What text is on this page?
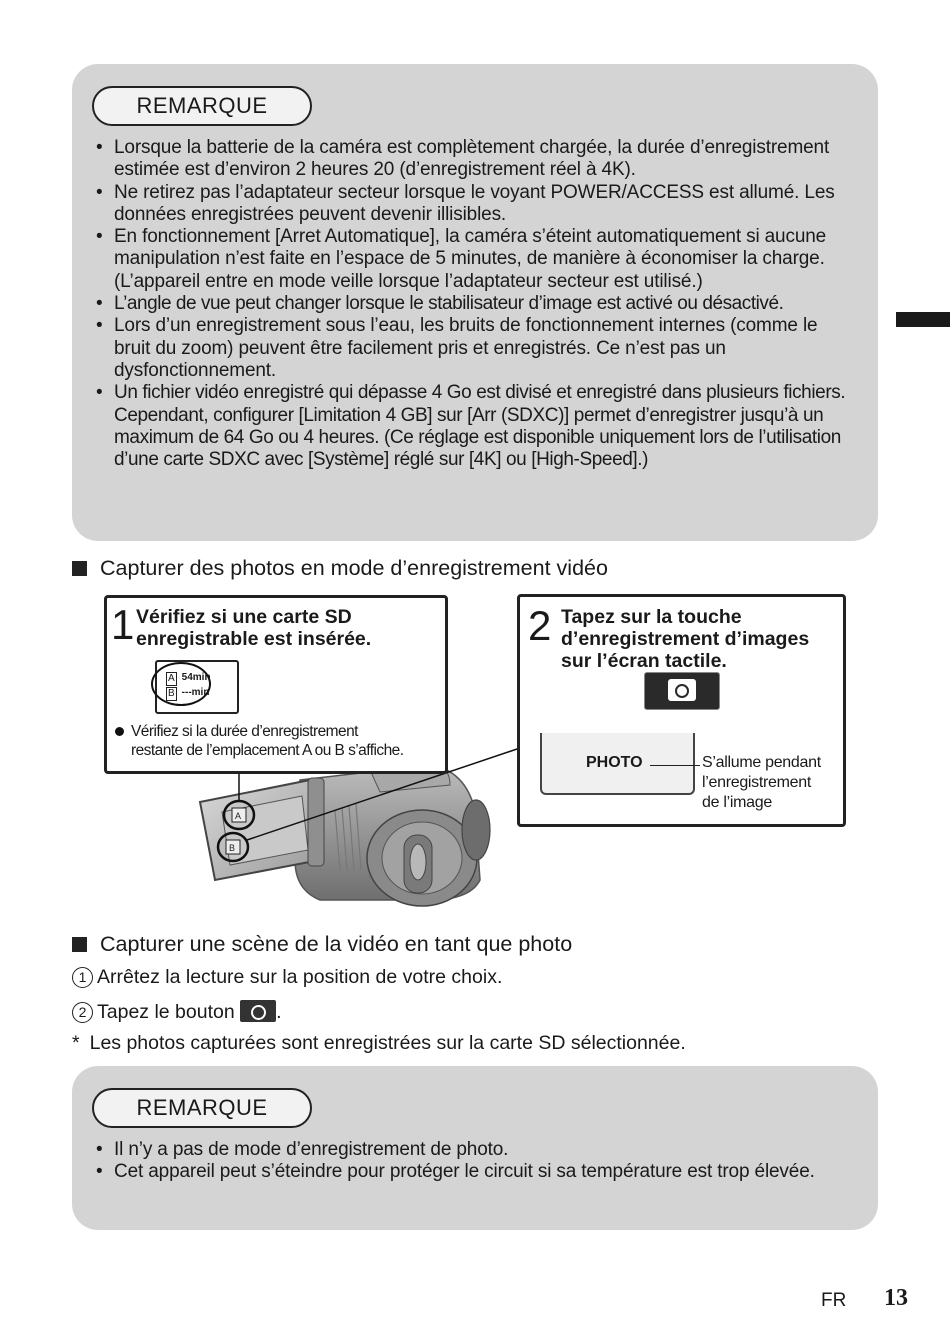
REMARQUE
• Lorsque la batterie de la caméra est complètement chargée, la durée d’enregistrement estimée est d’environ 2 heures 20 (d’enregistrement réel à 4K).
• Ne retirez pas l’adaptateur secteur lorsque le voyant POWER/ACCESS est allumé. Les données enregistrées peuvent devenir illisibles.
• En fonctionnement [Arret Automatique], la caméra s’éteint automatiquement si aucune manipulation n’est faite en l’espace de 5 minutes, de manière à économiser la charge. (L’appareil entre en mode veille lorsque l’adaptateur secteur est utilisé.)
• L’angle de vue peut changer lorsque le stabilisateur d’image est activé ou désactivé.
• Lors d’un enregistrement sous l’eau, les bruits de fonctionnement internes (comme le bruit du zoom) peuvent être facilement pris et enregistrés. Ce n’est pas un dysfonctionnement.
• Un fichier vidéo enregistré qui dépasse 4 Go est divisé et enregistré dans plusieurs fichiers. Cependant, configurer [Limitation 4 GB] sur [Arr (SDXC)] permet d’enregistrer jusqu’à un maximum de 64 Go ou 4 heures. (Ce réglage est disponible uniquement lors de l’utilisation d’une carte SDXC avec [Système] réglé sur [4K] ou [High-Speed].)
Capturer des photos en mode d’enregistrement vidéo
A
B
1 Vérifiez si une carte SD
enregistrable est insérée.
A 54min
B ---min
Vérifiez si la durée d’enregistrement
restante de l’emplacement A ou B s’affiche.
2 Tapez sur la touche
d’enregistrement d’images
sur l’écran tactile.
PHOTO	S’allume pendant
l’enregistrement
de l’image
Capturer une scène de la vidéo en tant que photo
1 Arrêtez la lecture sur la position de votre choix.
2 Tapez le bouton .
* Les photos capturées sont enregistrées sur la carte SD sélectionnée.
REMARQUE
• Il n’y a pas de mode d’enregistrement de photo.
• Cet appareil peut s’éteindre pour protéger le circuit si sa température est trop élevée.
FR 13
